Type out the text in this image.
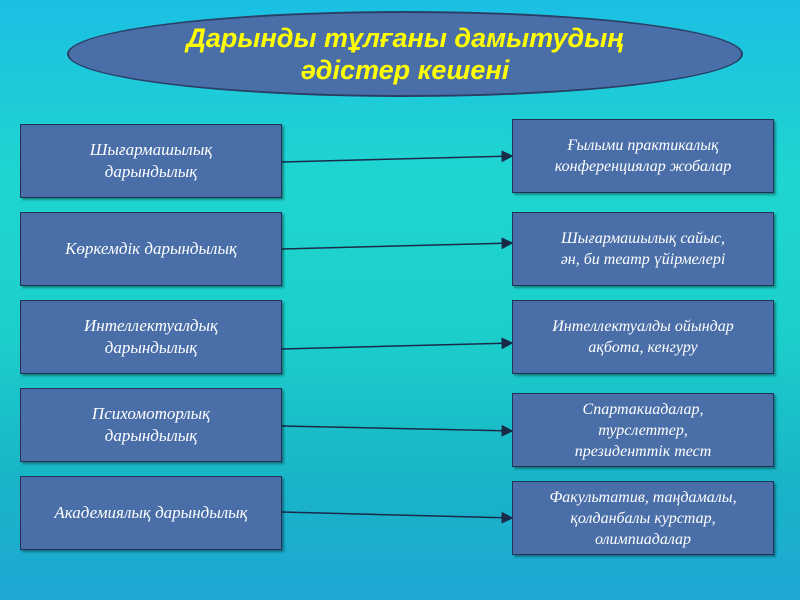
Дарынды тұлғаны дамытудың
әдістер кешені
Шығармашылық
дарындылық
Көркемдік дарындылық
Интеллектуалдық
дарындылық
Психомоторлық
дарындылық
Академиялық дарындылық
Ғылыми практикалық
конференциялар жобалар
Шығармашылық сайыс,
ән, би театр үйірмелері
Интеллектуалды ойындар
ақбота, кенгуру
Спартакиадалар,
турслеттер,
президенттік тест
Факультатив, таңдамалы,
қолданбалы курстар,
олимпиадалар
